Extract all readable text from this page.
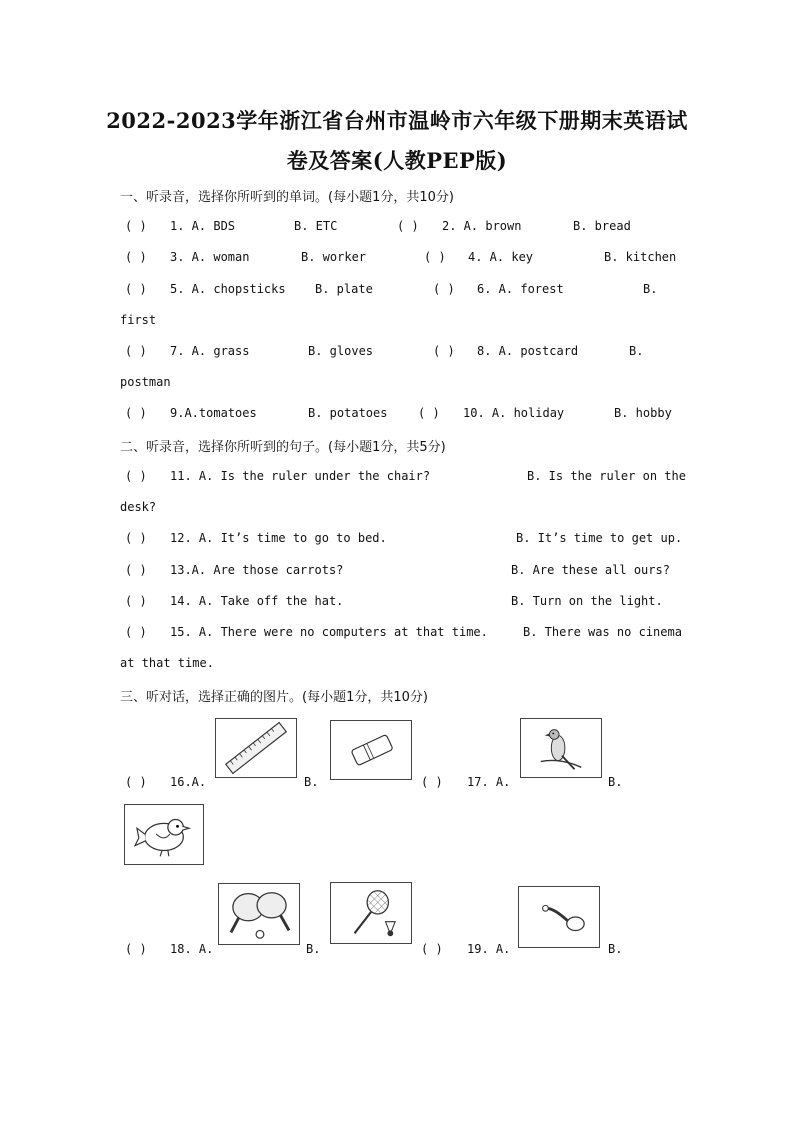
2022-2023学年浙江省台州市温岭市六年级下册期末英语试
卷及答案(人教PEP版)
一、听录音，选择你所听到的单词。(每小题1分，共10分)
( ) 1. A. BDS	B. ETC	( ) 2. A. brown	B. bread
( ) 3. A. woman	B. worker	( ) 4. A. key	B. kitchen
( ) 5. A. chopsticks B. plate	( ) 6. A. forest	B.
first
( ) 7. A. grass	B. gloves	( ) 8. A. postcard	B.
postman
( ) 9.A.tomatoes	B. potatoes	( ) 10. A. holiday	B. hobby
二、听录音，选择你所听到的句子。(每小题1分，共5分)
( ) 11. A. Is the ruler under the chair?	B. Is the ruler on the
desk?
( ) 12. A. It’s time to go to bed.	B. It’s time to get up.
( ) 13.A. Are those carrots?	B. Are these all ours?
( ) 14. A. Take off the hat.	B. Turn on the light.
( ) 15. A. There were no computers at that time.	B. There was no cinema
at that time.
三、听对话，选择正确的图片。(每小题1分，共10分)
( ) 16.A.	B.	( ) 17. A.	B.
( ) 18. A.	B.	( ) 19. A.	B.
